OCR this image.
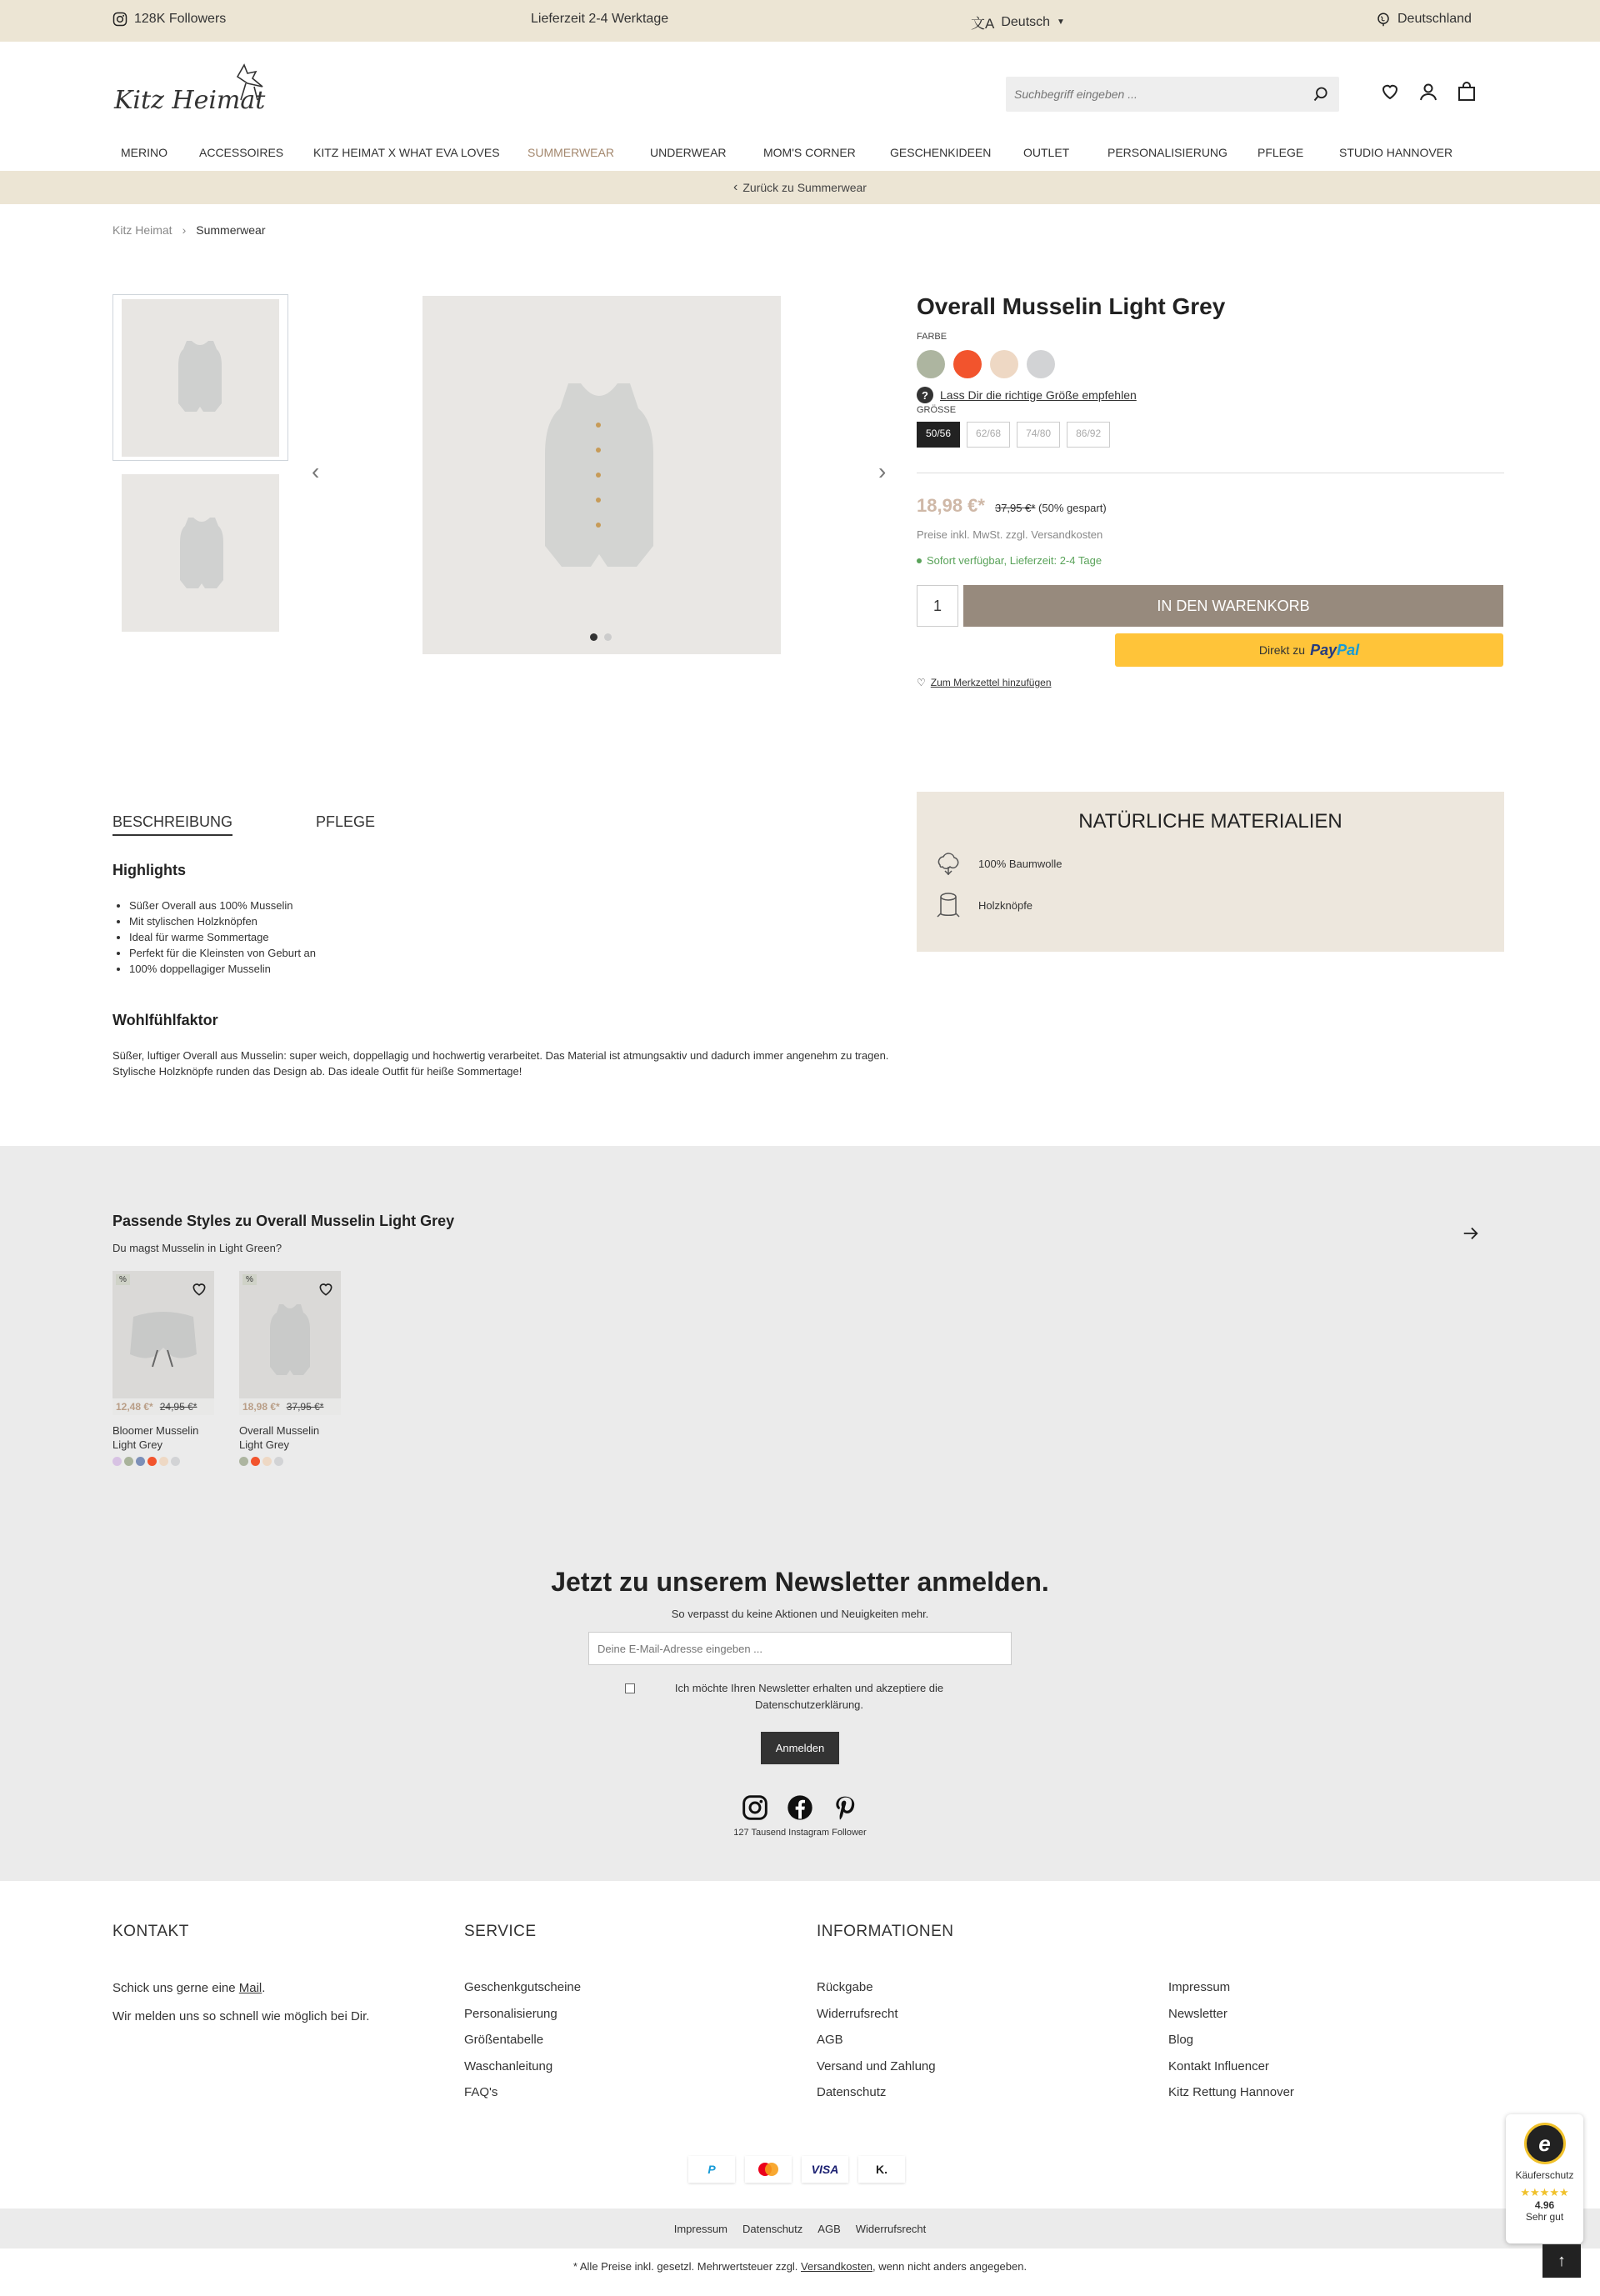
128K Followers	Lieferzeit 2-4 Werktage	文A Deutsch ▼	Deutschland
Kitz Heimat
Suchbegriff eingeben ...
MERINO	ACCESSOIRES	KITZ HEIMAT X WHAT EVA LOVES	SUMMERWEAR	UNDERWEAR	MOM'S CORNER	GESCHENKIDEEN	OUTLET	PERSONALISIERUNG	PFLEGE	STUDIO HANNOVER
‹ Zurück zu Summerwear
Kitz Heimat › Summerwear
‹	›
Overall Musselin Light Grey
FARBE
?	Lass Dir die richtige Größe empfehlen
GRÖSSE
50/56	62/68	74/80	86/92
18,98 €* 37,95 €* (50% gespart)
Preise inkl. MwSt. zzgl. Versandkosten
Sofort verfügbar, Lieferzeit: 2-4 Tage
1	IN DEN WARENKORB
Direkt zu PayPal
♡ Zum Merkzettel hinzufügen
BESCHREIBUNG	PFLEGE
Highlights
• Süßer Overall aus 100% Musselin
• Mit stylischen Holzknöpfen
• Ideal für warme Sommertage
• Perfekt für die Kleinsten von Geburt an
• 100% doppellagiger Musselin
Wohlfühlfaktor

Süßer, luftiger Overall aus Musselin: super weich, doppellagig und hochwertig verarbeitet. Das Material ist atmungsaktiv und dadurch immer angenehm zu tragen. Stylische Holzknöpfe runden das Design ab. Das ideale Outfit für heiße Sommertage!

NATÜRLICHE MATERIALIEN
100% Baumwolle
Holzknöpfe
Passende Styles zu Overall Musselin Light Grey
Du magst Musselin in Light Green?
%
12,48 €* 24,95 €*
Bloomer Musselin Light Grey
%
18,98 €* 37,95 €*
Overall Musselin Light Grey
Jetzt zu unserem Newsletter anmelden.
So verpasst du keine Aktionen und Neuigkeiten mehr.
Deine E-Mail-Adresse eingeben ...
Ich möchte Ihren Newsletter erhalten und akzeptiere die Datenschutzerklärung.
Anmelden
127 Tausend Instagram Follower
KONTAKT
Schick uns gerne eine Mail.
Wir melden uns so schnell wie möglich bei Dir.
SERVICE
Geschenkgutscheine
Personalisierung
Größentabelle
Waschanleitung
FAQ's
INFORMATIONEN
Rückgabe
Widerrufsrecht
AGB
Versand und Zahlung
Datenschutz
Impressum
Newsletter
Blog
Kontakt Influencer
Kitz Rettung Hannover
P	VISA	K.
Impressum Datenschutz AGB Widerrufsrecht
* Alle Preise inkl. gesetzl. Mehrwertsteuer zzgl. Versandkosten, wenn nicht anders angegeben.
e
Käuferschutz
★★★★★
4.96
Sehr gut
↑
